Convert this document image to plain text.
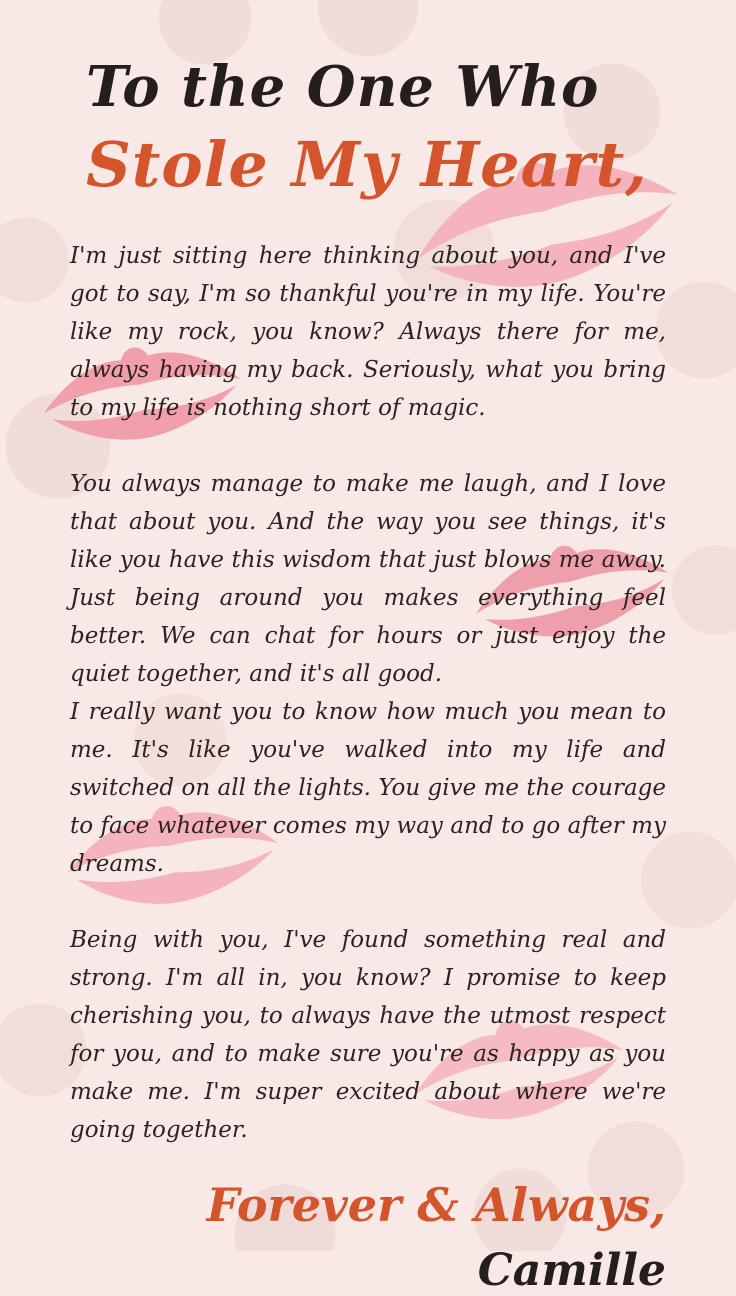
To the One Who
Stole My Heart,

I'm just sitting here thinking about you, and I've got to say, I'm so thankful you're in my life. You're like my rock, you know? Always there for me, always having my back. Seriously, what you bring to my life is nothing short of magic.

You always manage to make me laugh, and I love that about you. And the way you see things, it's like you have this wisdom that just blows me away. Just being around you makes everything feel better. We can chat for hours or just enjoy the quiet together, and it's all good.

I really want you to know how much you mean to me. It's like you've walked into my life and switched on all the lights. You give me the courage to face whatever comes my way and to go after my dreams.

Being with you, I've found something real and strong. I'm all in, you know? I promise to keep cherishing you, to always have the utmost respect for you, and to make sure you're as happy as you make me. I'm super excited about where we're going together.

Forever & Always,
Camille
